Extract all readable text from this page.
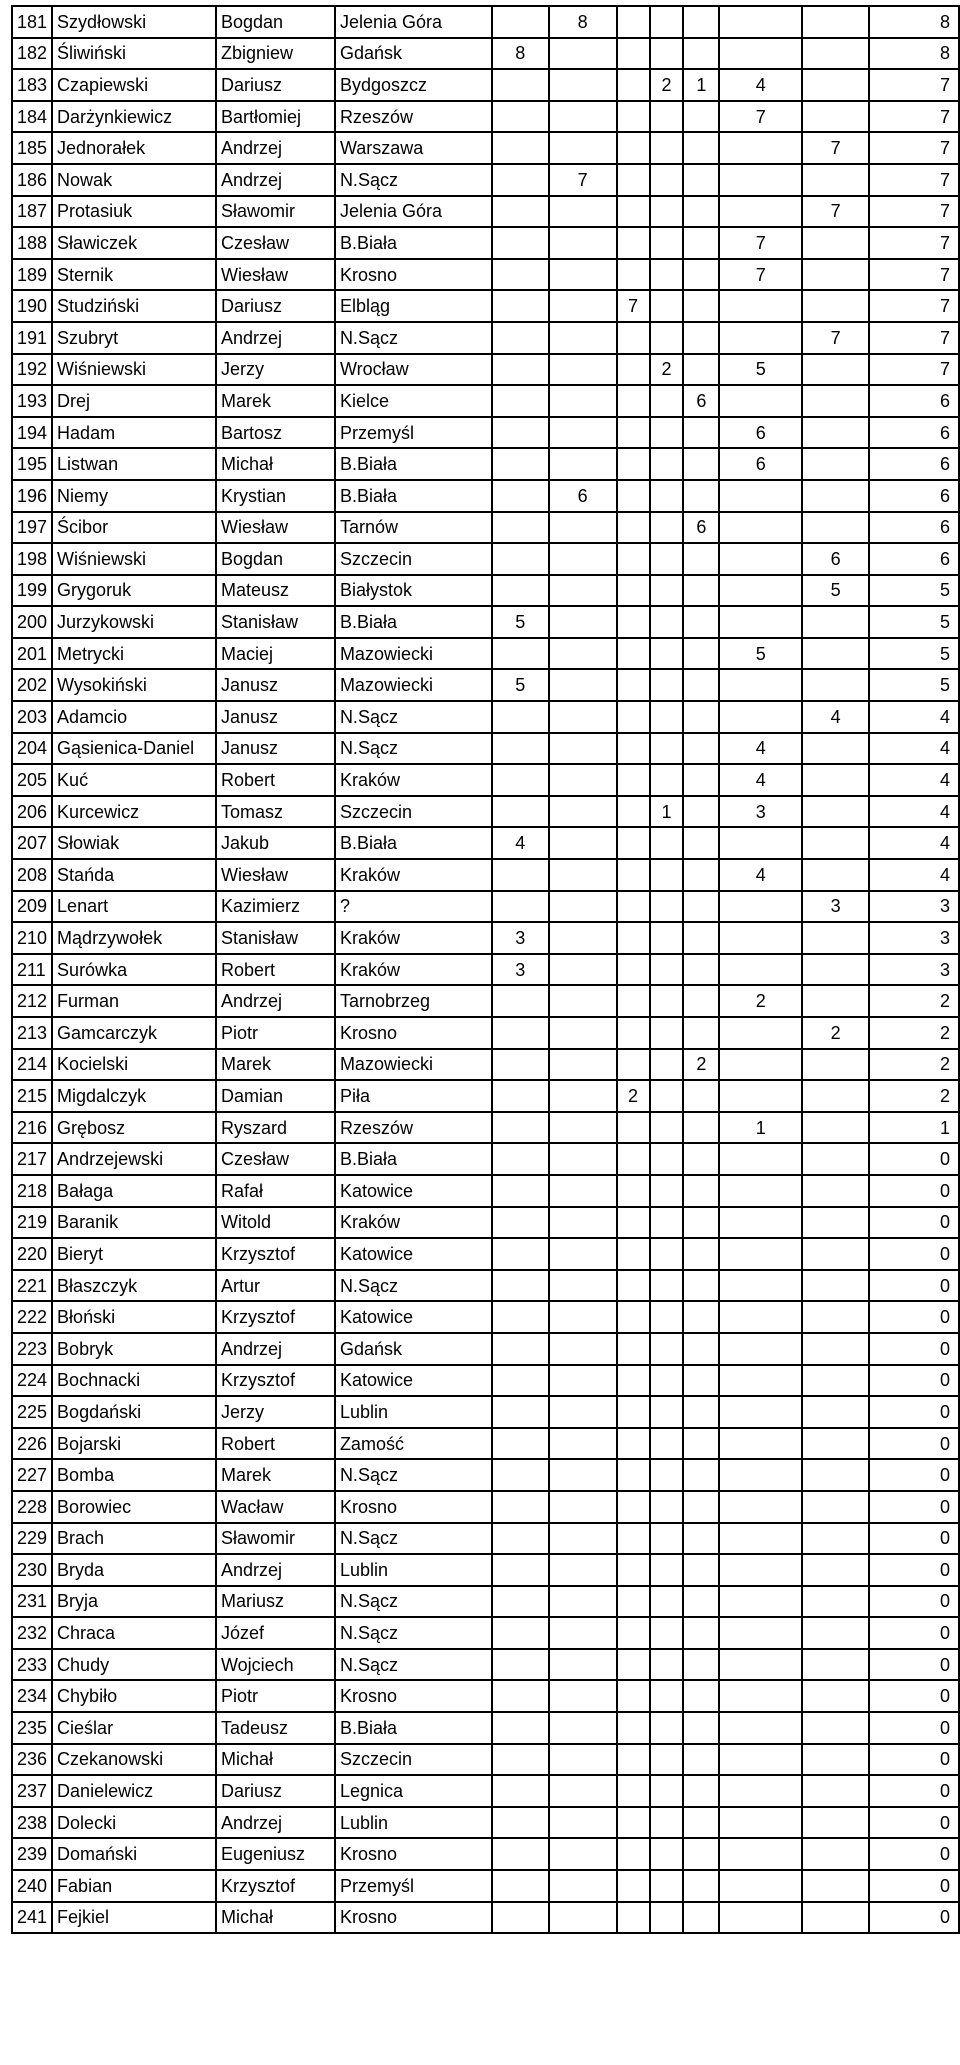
181	Szydłowski	Bogdan	Jelenia Góra		8						8
182	Śliwiński	Zbigniew	Gdańsk	8							8
183	Czapiewski	Dariusz	Bydgoszcz				2	1	4		7
184	Darżynkiewicz	Bartłomiej	Rzeszów						7		7
185	Jednorałek	Andrzej	Warszawa							7	7
186	Nowak	Andrzej	N.Sącz		7						7
187	Protasiuk	Sławomir	Jelenia Góra							7	7
188	Sławiczek	Czesław	B.Biała						7		7
189	Sternik	Wiesław	Krosno						7		7
190	Studziński	Dariusz	Elbląg			7					7
191	Szubryt	Andrzej	N.Sącz							7	7
192	Wiśniewski	Jerzy	Wrocław				2		5		7
193	Drej	Marek	Kielce					6			6
194	Hadam	Bartosz	Przemyśl						6		6
195	Listwan	Michał	B.Biała						6		6
196	Niemy	Krystian	B.Biała		6						6
197	Ścibor	Wiesław	Tarnów					6			6
198	Wiśniewski	Bogdan	Szczecin							6	6
199	Grygoruk	Mateusz	Białystok							5	5
200	Jurzykowski	Stanisław	B.Biała	5							5
201	Metrycki	Maciej	Mazowiecki						5		5
202	Wysokiński	Janusz	Mazowiecki	5							5
203	Adamcio	Janusz	N.Sącz							4	4
204	Gąsienica-Daniel	Janusz	N.Sącz						4		4
205	Kuć	Robert	Kraków						4		4
206	Kurcewicz	Tomasz	Szczecin				1		3		4
207	Słowiak	Jakub	B.Biała	4							4
208	Stańda	Wiesław	Kraków						4		4
209	Lenart	Kazimierz	?							3	3
210	Mądrzywołek	Stanisław	Kraków	3							3
211	Surówka	Robert	Kraków	3							3
212	Furman	Andrzej	Tarnobrzeg						2		2
213	Gamcarczyk	Piotr	Krosno							2	2
214	Kocielski	Marek	Mazowiecki					2			2
215	Migdalczyk	Damian	Piła			2					2
216	Grębosz	Ryszard	Rzeszów						1		1
217	Andrzejewski	Czesław	B.Biała								0
218	Bałaga	Rafał	Katowice								0
219	Baranik	Witold	Kraków								0
220	Bieryt	Krzysztof	Katowice								0
221	Błaszczyk	Artur	N.Sącz								0
222	Błoński	Krzysztof	Katowice								0
223	Bobryk	Andrzej	Gdańsk								0
224	Bochnacki	Krzysztof	Katowice								0
225	Bogdański	Jerzy	Lublin								0
226	Bojarski	Robert	Zamość								0
227	Bomba	Marek	N.Sącz								0
228	Borowiec	Wacław	Krosno								0
229	Brach	Sławomir	N.Sącz								0
230	Bryda	Andrzej	Lublin								0
231	Bryja	Mariusz	N.Sącz								0
232	Chraca	Józef	N.Sącz								0
233	Chudy	Wojciech	N.Sącz								0
234	Chybiło	Piotr	Krosno								0
235	Cieślar	Tadeusz	B.Biała								0
236	Czekanowski	Michał	Szczecin								0
237	Danielewicz	Dariusz	Legnica								0
238	Dolecki	Andrzej	Lublin								0
239	Domański	Eugeniusz	Krosno								0
240	Fabian	Krzysztof	Przemyśl								0
241	Fejkiel	Michał	Krosno								0
